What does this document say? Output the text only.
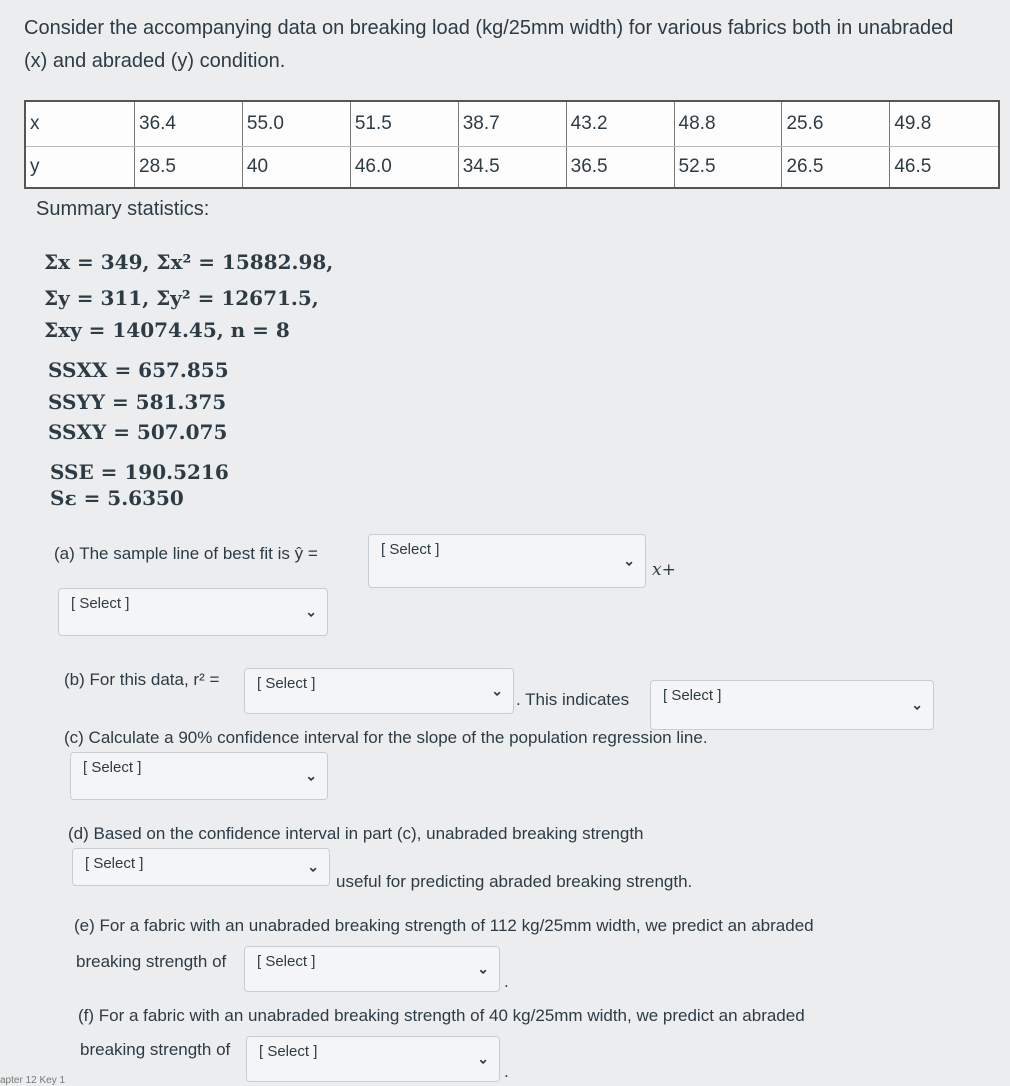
Consider the accompanying data on breaking load (kg/25mm width) for various fabrics both in unabraded (x) and abraded (y) condition.
x	36.4	55.0	51.5	38.7	43.2	48.8	25.6	49.8
y	28.5	40	46.0	34.5	36.5	52.5	26.5	46.5
Summary statistics:
Σx = 349, Σx² = 15882.98,
Σy = 311, Σy² = 12671.5,
Σxy = 14074.45, n = 8
SSXX = 657.855
SSYY = 581.375
SSXY = 507.075
SSE = 190.5216
Sε = 5.6350
(a) The sample line of best fit is ŷ =	[ Select ]
⌄ x+
[ Select ]	⌄
(b) For this data, r² =	[ Select ]	⌄ . This indicates	[ Select ]
⌄
(c) Calculate a 90% confidence interval for the slope of the population regression line.
[ Select ]	⌄
(d) Based on the confidence interval in part (c), unabraded breaking strength
[ Select ]	⌄
useful for predicting abraded breaking strength.
(e) For a fabric with an unabraded breaking strength of 112 kg/25mm width, we predict an abraded
breaking strength of	[ Select ]	⌄
.
(f) For a fabric with an unabraded breaking strength of 40 kg/25mm width, we predict an abraded
breaking strength of	[ Select ]	⌄
.
apter 12 Key 1
